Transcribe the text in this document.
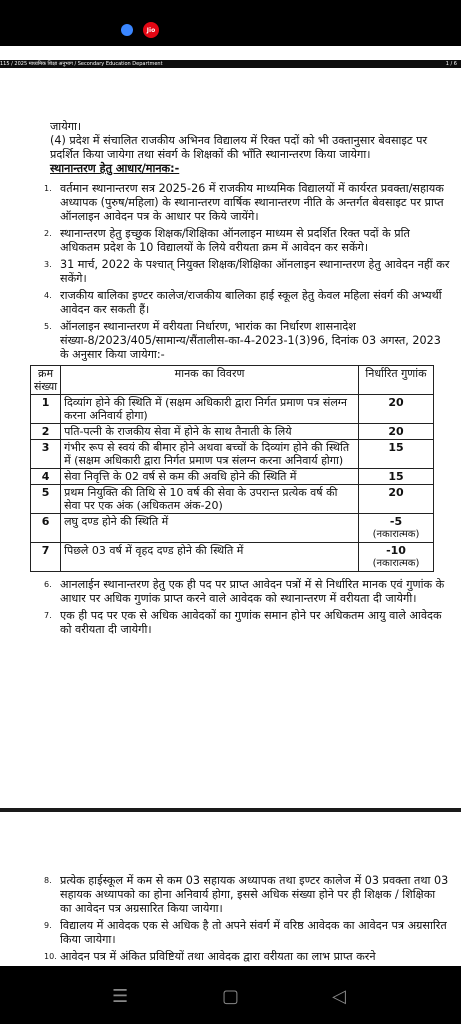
Jio
115 / 2025 माध्यमिक शिक्षा अनुभाग / Secondary Education Department	1 / 6

जायेगा।

(4) प्रदेश में संचालित राजकीय अभिनव विद्यालय में रिक्त पदों को भी उक्तानुसार बेवसाइट पर प्रदर्शित किया जायेगा तथा संवर्ग के शिक्षकों की भाँति स्थानान्तरण किया जायेगा।

स्थानान्तरण हेतु आधार/मानक:-

1. वर्तमान स्थानान्तरण सत्र 2025-26 में राजकीय माध्यमिक विद्यालयों में कार्यरत प्रवक्ता/सहायक अध्यापक (पुरुष/महिला) के स्थानान्तरण वार्षिक स्थानान्तरण नीति के अन्तर्गत बेवसाइट पर प्राप्त ऑनलाइन आवेदन पत्र के आधार पर किये जायेंगे।
2. स्थानान्तरण हेतु इच्छुक शिक्षक/शिक्षिका ऑनलाइन माध्यम से प्रदर्शित रिक्त पदों के प्रति अधिकतम प्रदेश के 10 विद्यालयों के लिये वरीयता क्रम में आवेदन कर सकेंगे।
3. 31 मार्च, 2022 के पश्चात् नियुक्त शिक्षक/शिक्षिका ऑनलाइन स्थानान्तरण हेतु आवेदन नहीं कर सकेंगे।
4. राजकीय बालिका इण्टर कालेज/राजकीय बालिका हाई स्कूल हेतु केवल महिला संवर्ग की अभ्यर्थी आवेदन कर सकती हैं।
5. ऑनलाइन स्थानान्तरण में वरीयता निर्धारण, भारांक का निर्धारण शासनादेश संख्या-8/2023/405/सामान्य/सैंतालीस-का-4-2023-1(3)96, दिनांक 03 अगस्त, 2023 के अनुसार किया जायेगा:-
क्रम संख्या	मानक का विवरण	निर्धारित गुणांक
1	दिव्यांग होने की स्थिति में (सक्षम अधिकारी द्वारा निर्गत प्रमाण पत्र संलग्न करना अनिवार्य होगा)	20

2	पति-पत्नी के राजकीय सेवा में होने के साथ तैनाती के लिये	20

3	गंभीर रूप से स्वयं की बीमार होने अथवा बच्चों के दिव्यांग होने की स्थिति में (सक्षम अधिकारी द्वारा निर्गत प्रमाण पत्र संलग्न करना अनिवार्य होगा)	15

4	सेवा निवृत्ति के 02 वर्ष से कम की अवधि होने की स्थिति में	15

5	प्रथम नियुक्ति की तिथि से 10 वर्ष की सेवा के उपरान्त प्रत्येक वर्ष की सेवा पर एक अंक (अधिकतम अंक-20)	20

6	लघु दण्ड होने की स्थिति में	-5
(नकारात्मक)

7	पिछले 03 वर्ष में वृहद दण्ड होने की स्थिति में	-10
(नकारात्मक)
6. आनलाईन स्थानान्तरण हेतु एक ही पद पर प्राप्त आवेदन पत्रों में से निर्धारित मानक एवं गुणांक के आधार पर अधिक गुणांक प्राप्त करने वाले आवेदक को स्थानान्तरण में वरीयता दी जायेगी।
7. एक ही पद पर एक से अधिक आवेदकों का गुणांक समान होने पर अधिकतम आयु वाले आवेदक को वरीयता दी जायेगी।
8. प्रत्येक हाईस्कूल में कम से कम 03 सहायक अध्यापक तथा इण्टर कालेज में 03 प्रवक्ता तथा 03 सहायक अध्यापको का होना अनिवार्य होगा, इससे अधिक संख्या होने पर ही शिक्षक / शिक्षिका का आवेदन पत्र अग्रसारित किया जायेगा।
9. विद्यालय में आवेदक एक से अधिक है तो अपने संवर्ग में वरिष्ठ आवेदक का आवेदन पत्र अग्रसारित किया जायेगा।
10. आवेदन पत्र में अंकित प्रविष्टियों तथा आवेदक द्वारा वरीयता का लाभ प्राप्त करने
☰	▢	◁
